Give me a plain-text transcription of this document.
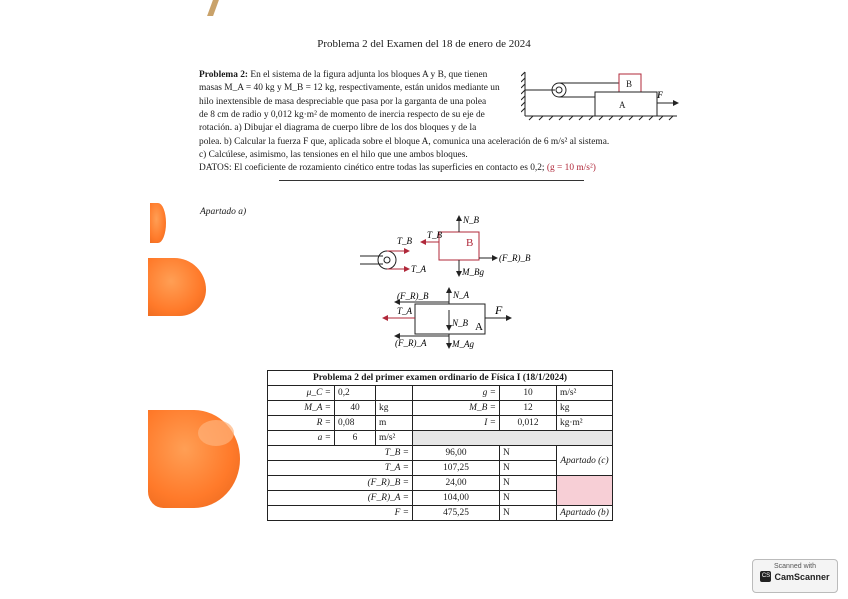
Problema 2 del Examen del 18 de enero de 2024
Problema 2: En el sistema de la figura adjunta los bloques A y B, que tienen
masas M_A = 40 kg y M_B = 12 kg, respectivamente, están unidos mediante un
hilo inextensible de masa despreciable que pasa por la garganta de una polea
de 8 cm de radio y 0,012 kg·m² de momento de inercia respecto de su eje de
rotación. a) Dibujar el diagrama de cuerpo libre de los dos bloques y de la
polea. b) Calcular la fuerza F que, aplicada sobre el bloque A, comunica una aceleración de 6 m/s² al sistema.
c) Calcúlese, asimismo, las tensiones en el hilo que une ambos bloques.
DATOS: El coeficiente de rozamiento cinético entre todas las superficies en contacto es 0,2; (g = 10 m/s²)
B
A
F
Apartado a)
T_B
T_A
B
T_B
N_B
M_Bg
(F_R)_B
A
(F_R)_B	N_A
T_A
N_B
(F_R)_A	M_Ag
F
Problema 2 del primer examen ordinario de Física I (18/1/2024)					
μ_C =	0,2		g =	10	m/s²
M_A =	40	kg	M_B =	12	kg
R =	0,08	m	I =	0,012	kg·m²
a =	6	m/s²			
T_B =			96,00	N	Apartado (c)
T_A =			107,25	N	
(F_R)_B =			24,00	N	
(F_R)_A =			104,00	N	
F =			475,25	N	Apartado (b)
Scanned with
CS CamScanner
